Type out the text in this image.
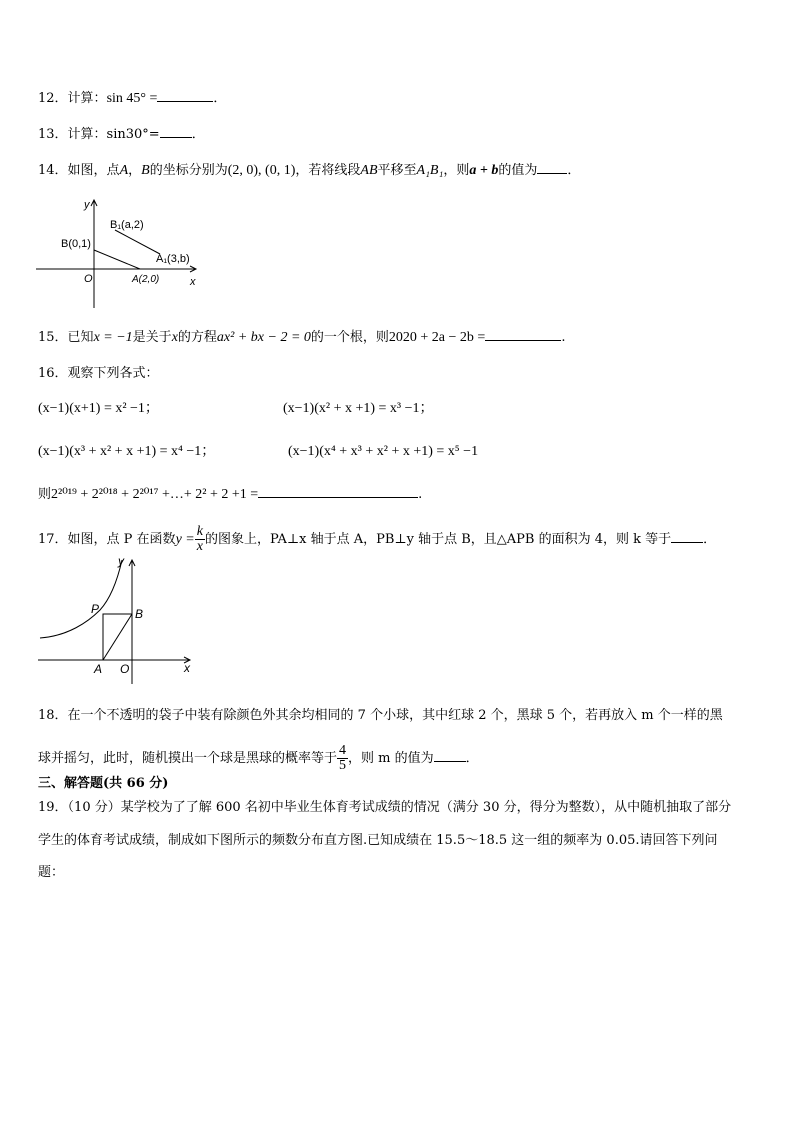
12．计算：sin 45° =	．
13．计算：sin30°= ．
14．如图，点A，B的坐标分别为(2, 0), (0, 1)，若将线段AB平移至A₁B₁，则a + b的值为 ．
y
x
O
B(0,1)
A(2,0)
B₁(a,2)
A₁(3,b)
15．已知x = −1是关于x的方程ax² + bx − 2 = 0的一个根，则2020 + 2a − 2b =	.
16．观察下列各式：
(x−1)(x+1) = x² −1；	(x−1)(x² + x +1) = x³ −1；
(x−1)(x³ + x² + x +1) = x⁴ −1；	(x−1)(x⁴ + x³ + x² + x +1) = x⁵ −1
则2²⁰¹⁹ + 2²⁰¹⁸ + 2²⁰¹⁷ +…+ 2² + 2 +1 =	.
17．如图，点 P 在函数$y = \frac{k}{x}$ 的图象上，PA⊥x 轴于点 A，PB⊥y 轴于点 B，且△APB 的面积为 4，则 k 等于 ．
y
x
P	B
A O
18．在一个不透明的袋子中装有除颜色外其余均相同的 7 个小球，其中红球 2 个，黑球 5 个，若再放入 m 个一样的黑
球并摇匀，此时，随机摸出一个球是黑球的概率等于 $\frac{4}{5}$ ，则 m 的值为 ．
三、解答题(共 66 分)
19．（10 分）某学校为了了解 600 名初中毕业生体育考试成绩的情况（满分 30 分，得分为整数），从中随机抽取了部分
学生的体育考试成绩，制成如下图所示的频数分布直方图.已知成绩在 15.5～18.5 这一组的频率为 0.05.请回答下列问
题：
